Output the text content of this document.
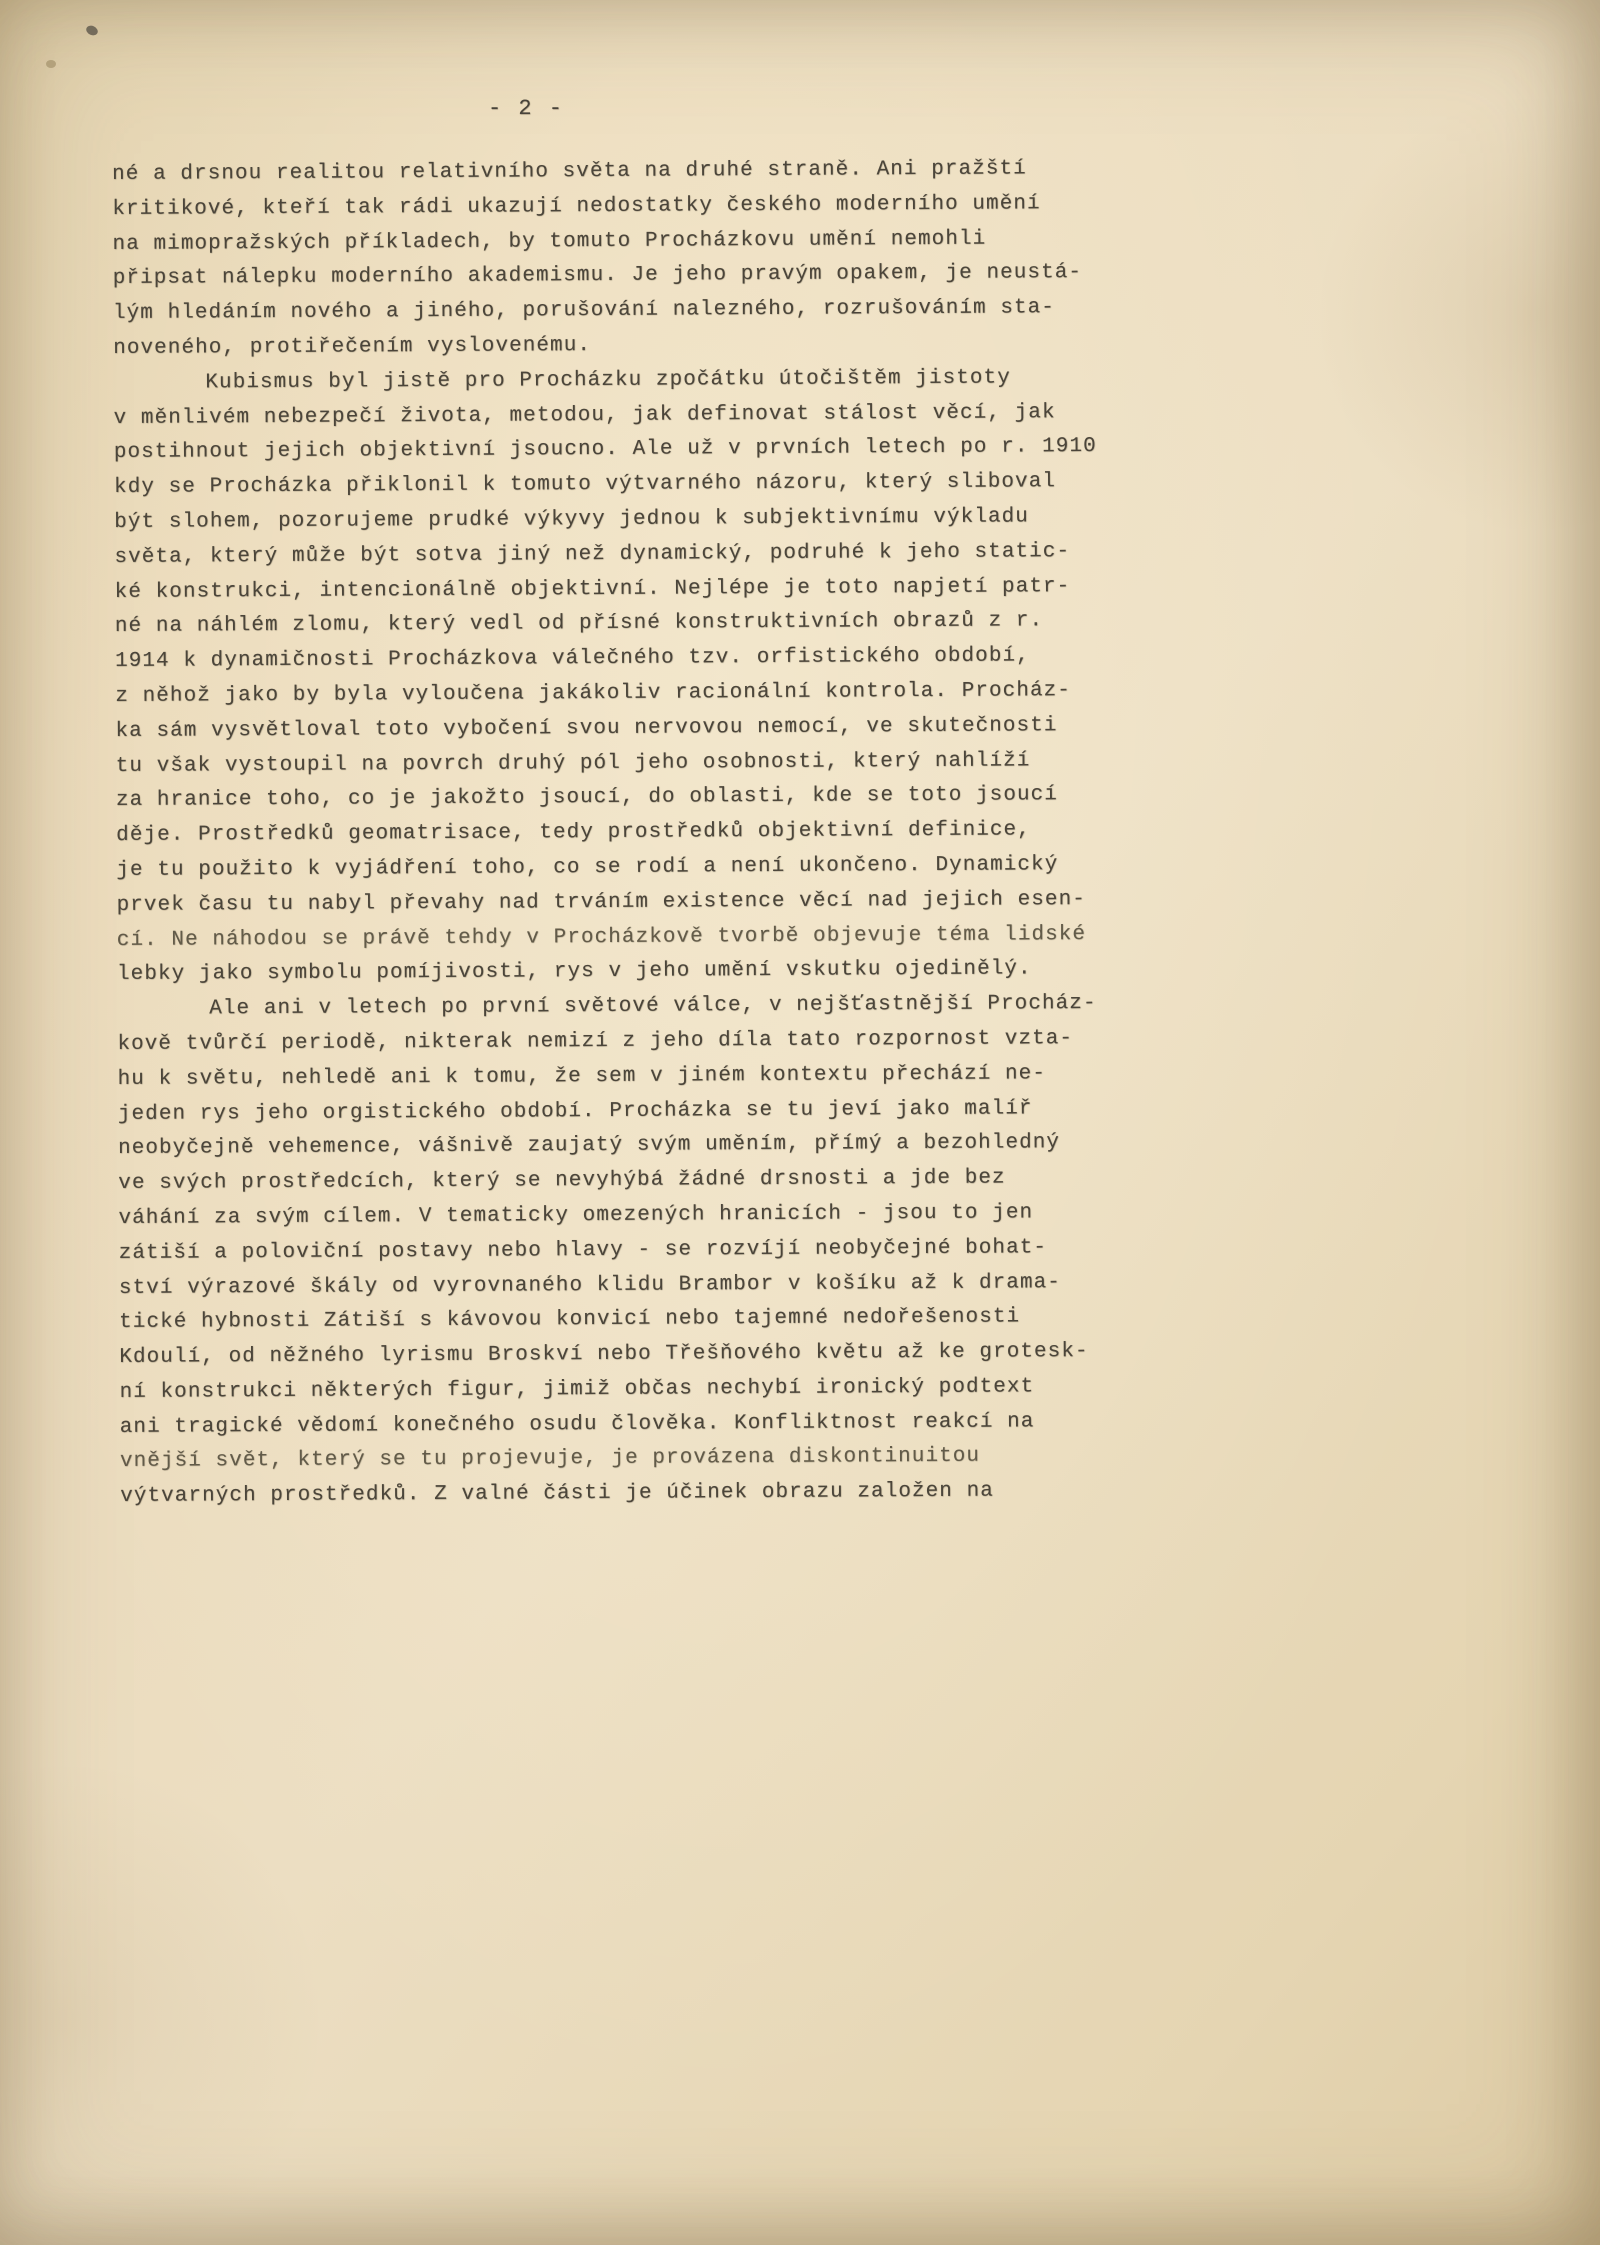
- 2 -
né a drsnou realitou relativního světa na druhé straně. Ani pražští
kritikové, kteří tak rádi ukazují nedostatky českého moderního umění
na mimopražských příkladech, by tomuto Procházkovu umění nemohli
připsat nálepku moderního akademismu. Je jeho pravým opakem, je neustá-
lým hledáním nového a jiného, porušování nalezného, rozrušováním sta-
noveného, protiřečením vyslovenému.
Kubismus byl jistě pro Procházku zpočátku útočištěm jistoty
v měnlivém nebezpečí života, metodou, jak definovat stálost věcí, jak
postihnout jejich objektivní jsoucno. Ale už v prvních letech po r. 1910
kdy se Procházka přiklonil k tomuto výtvarného názoru, který sliboval
být slohem, pozorujeme prudké výkyvy jednou k subjektivnímu výkladu
světa, který může být sotva jiný než dynamický, podruhé k jeho static-
ké konstrukci, intencionálně objektivní. Nejlépe je toto napjetí patr-
né na náhlém zlomu, který vedl od přísné konstruktivních obrazů z r.
1914 k dynamičnosti Procházkova válečného tzv. orfistického období,
z něhož jako by byla vyloučena jakákoliv racionální kontrola. Procház-
ka sám vysvětloval toto vybočení svou nervovou nemocí, ve skutečnosti
tu však vystoupil na povrch druhý pól jeho osobnosti, který nahlíží
za hranice toho, co je jakožto jsoucí, do oblasti, kde se toto jsoucí
děje. Prostředků geomatrisace, tedy prostředků objektivní definice,
je tu použito k vyjádření toho, co se rodí a není ukončeno. Dynamický
prvek času tu nabyl převahy nad trváním existence věcí nad jejich esen-
cí. Ne náhodou se právě tehdy v Procházkově tvorbě objevuje téma lidské
lebky jako symbolu pomíjivosti, rys v jeho umění vskutku ojedinělý.
Ale ani v letech po první světové válce, v nejšťastnější Procház-
kově tvůrčí periodě, nikterak nemizí z jeho díla tato rozpornost vzta-
hu k světu, nehledě ani k tomu, že sem v jiném kontextu přechází ne-
jeden rys jeho orgistického období. Procházka se tu jeví jako malíř
neobyčejně vehemence, vášnivě zaujatý svým uměním, přímý a bezohledný
ve svých prostředcích, který se nevyhýbá žádné drsnosti a jde bez
váhání za svým cílem. V tematicky omezených hranicích - jsou to jen
zátiší a poloviční postavy nebo hlavy - se rozvíjí neobyčejné bohat-
ství výrazové škály od vyrovnaného klidu Brambor v košíku až k drama-
tické hybnosti Zátiší s kávovou konvicí nebo tajemné nedořešenosti
Kdoulí, od něžného lyrismu Broskví nebo Třešňového květu až ke grotesk-
ní konstrukci některých figur, jimiž občas nechybí ironický podtext
ani tragické vědomí konečného osudu člověka. Konfliktnost reakcí na
vnější svět, který se tu projevuje, je provázena diskontinuitou
výtvarných prostředků. Z valné části je účinek obrazu založen na
